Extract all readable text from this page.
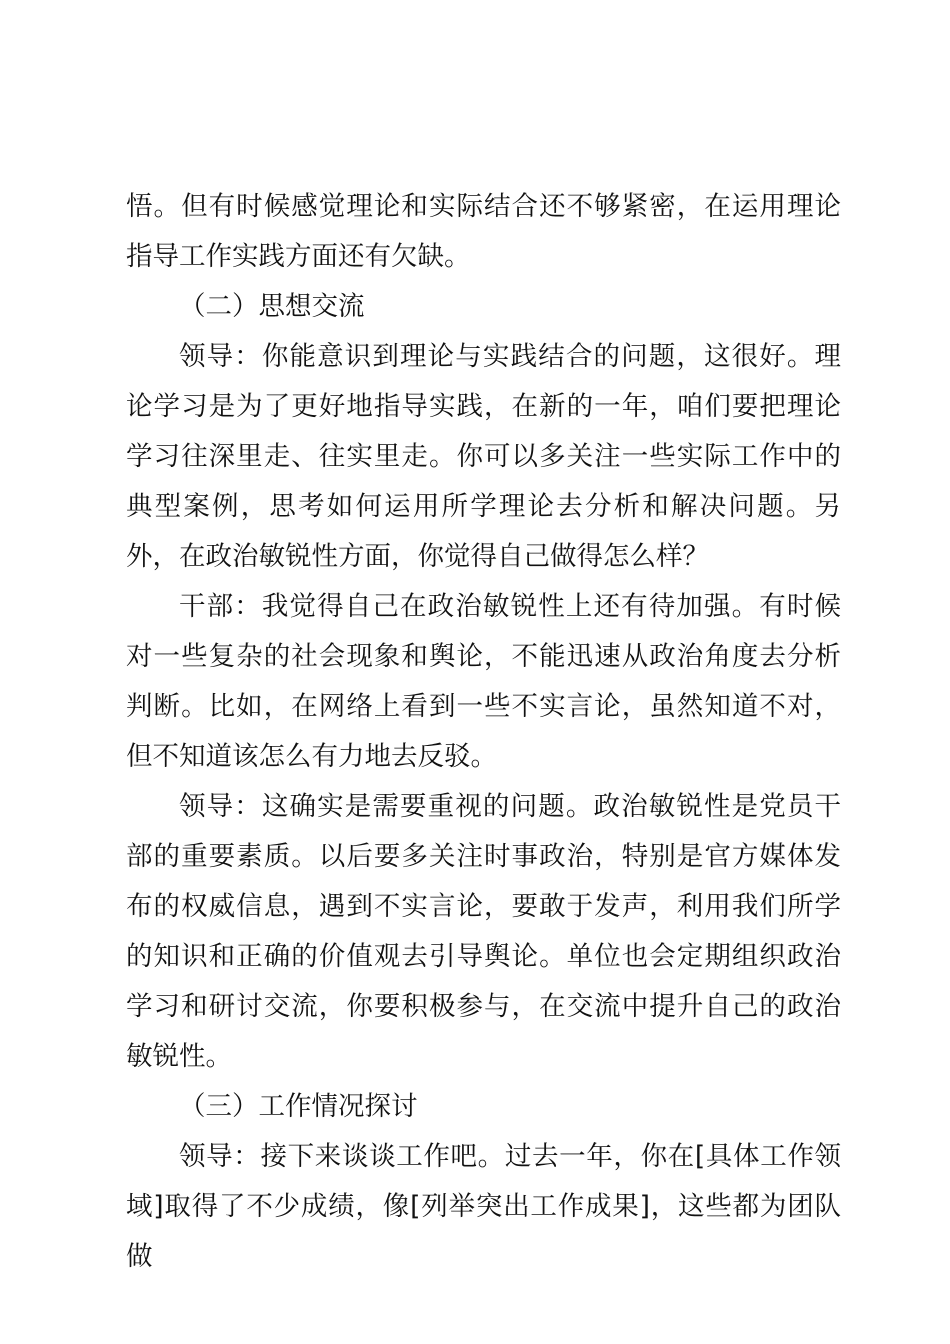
悟。但有时候感觉理论和实际结合还不够紧密，在运用理论指导工作实践方面还有欠缺。

（二）思想交流

领导：你能意识到理论与实践结合的问题，这很好。理论学习是为了更好地指导实践，在新的一年，咱们要把理论学习往深里走、往实里走。你可以多关注一些实际工作中的典型案例，思考如何运用所学理论去分析和解决问题。另外，在政治敏锐性方面，你觉得自己做得怎么样？

干部：我觉得自己在政治敏锐性上还有待加强。有时候对一些复杂的社会现象和舆论，不能迅速从政治角度去分析判断。比如，在网络上看到一些不实言论，虽然知道不对，但不知道该怎么有力地去反驳。

领导：这确实是需要重视的问题。政治敏锐性是党员干部的重要素质。以后要多关注时事政治，特别是官方媒体发布的权威信息，遇到不实言论，要敢于发声，利用我们所学的知识和正确的价值观去引导舆论。单位也会定期组织政治学习和研讨交流，你要积极参与，在交流中提升自己的政治敏锐性。

（三）工作情况探讨

领导：接下来谈谈工作吧。过去一年，你在[具体工作领域]取得了不少成绩，像[列举突出工作成果]，这些都为团队做
